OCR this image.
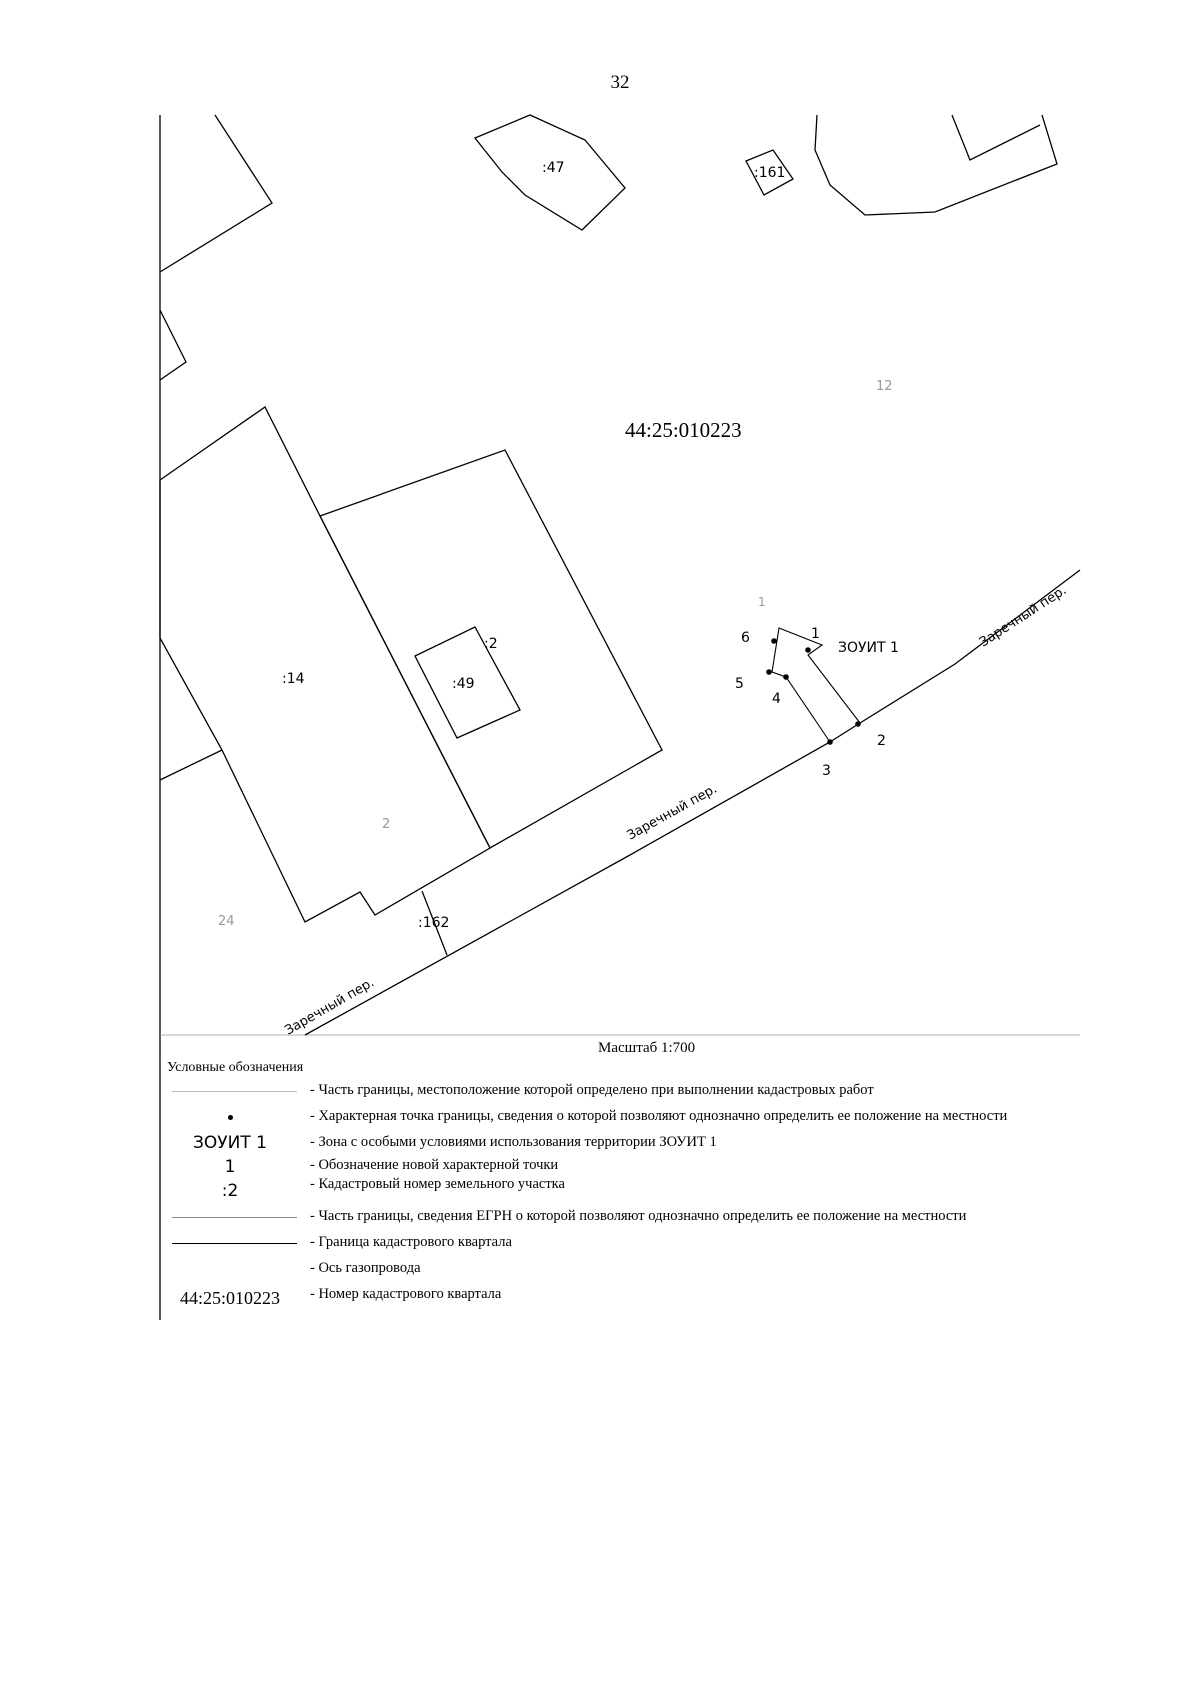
32
44:25:010223
:47	:161
:14
:2
:49
:162
12
2
24
1
Заречный пер.
Заречный пер.
Заречный пер.
ЗОУИТ 1
1
2
3
4
5
6
Масштаб 1:700
Условные обозначения
- Часть границы, местоположение которой определено при выполнении кадастровых работ
- Характерная точка границы, сведения о которой позволяют однозначно определить ее положение на местности
ЗОУИТ 1	- Зона с особыми условиями использования территории ЗОУИТ 1
1	- Обозначение новой характерной точки
:2	- Кадастровый номер земельного участка
- Часть границы, сведения ЕГРН о которой позволяют однозначно определить ее положение на местности
- Граница кадастрового квартала
- Ось газопровода
44:25:010223	- Номер кадастрового квартала
